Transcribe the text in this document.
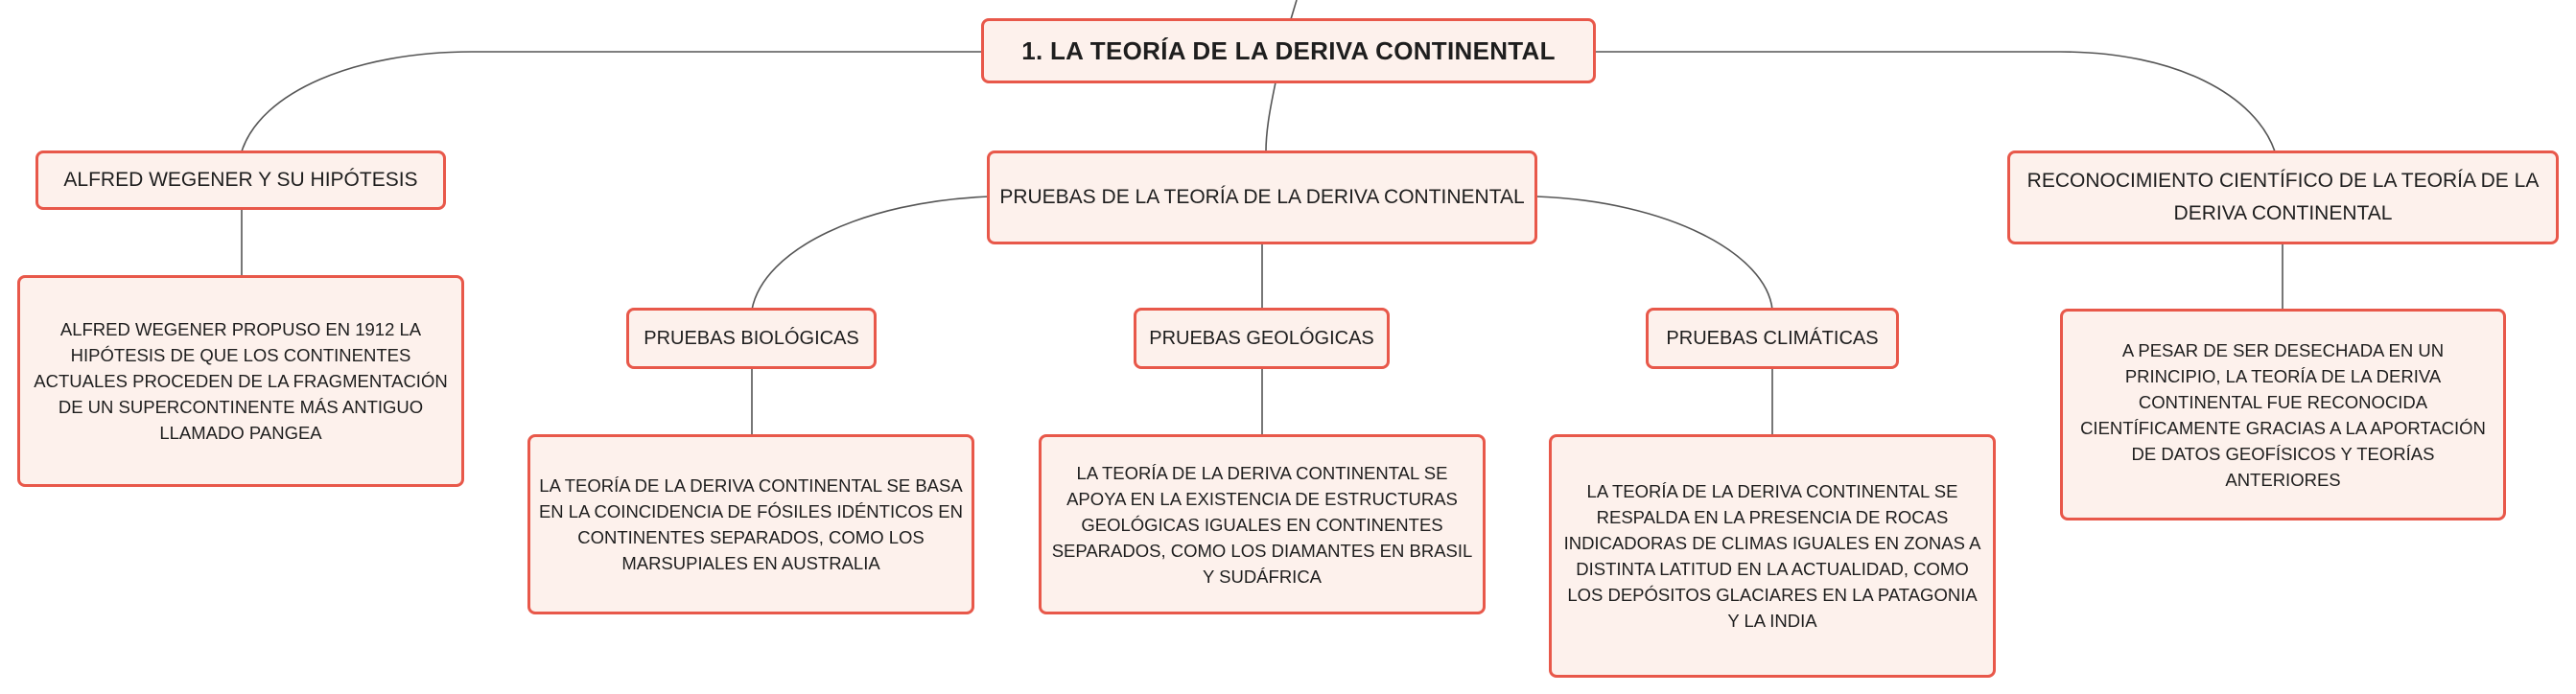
1. LA TEORÍA DE LA DERIVA CONTINENTAL
ALFRED WEGENER Y SU HIPÓTESIS
ALFRED WEGENER PROPUSO EN 1912 LA HIPÓTESIS DE QUE LOS CONTINENTES ACTUALES PROCEDEN DE LA FRAGMENTACIÓN DE UN SUPERCONTINENTE MÁS ANTIGUO LLAMADO PANGEA
PRUEBAS DE LA TEORÍA DE LA DERIVA CONTINENTAL
PRUEBAS BIOLÓGICAS
LA TEORÍA DE LA DERIVA CONTINENTAL SE BASA EN LA COINCIDENCIA DE FÓSILES IDÉNTICOS EN CONTINENTES SEPARADOS, COMO LOS MARSUPIALES EN AUSTRALIA
PRUEBAS GEOLÓGICAS
LA TEORÍA DE LA DERIVA CONTINENTAL SE APOYA EN LA EXISTENCIA DE ESTRUCTURAS GEOLÓGICAS IGUALES EN CONTINENTES SEPARADOS, COMO LOS DIAMANTES EN BRASIL Y SUDÁFRICA
PRUEBAS CLIMÁTICAS
LA TEORÍA DE LA DERIVA CONTINENTAL SE RESPALDA EN LA PRESENCIA DE ROCAS INDICADORAS DE CLIMAS IGUALES EN ZONAS A DISTINTA LATITUD EN LA ACTUALIDAD, COMO LOS DEPÓSITOS GLACIARES EN LA PATAGONIA Y LA INDIA
RECONOCIMIENTO CIENTÍFICO DE LA TEORÍA DE LA DERIVA CONTINENTAL
A PESAR DE SER DESECHADA EN UN PRINCIPIO, LA TEORÍA DE LA DERIVA CONTINENTAL FUE RECONOCIDA CIENTÍFICAMENTE GRACIAS A LA APORTACIÓN DE DATOS GEOFÍSICOS Y TEORÍAS ANTERIORES
